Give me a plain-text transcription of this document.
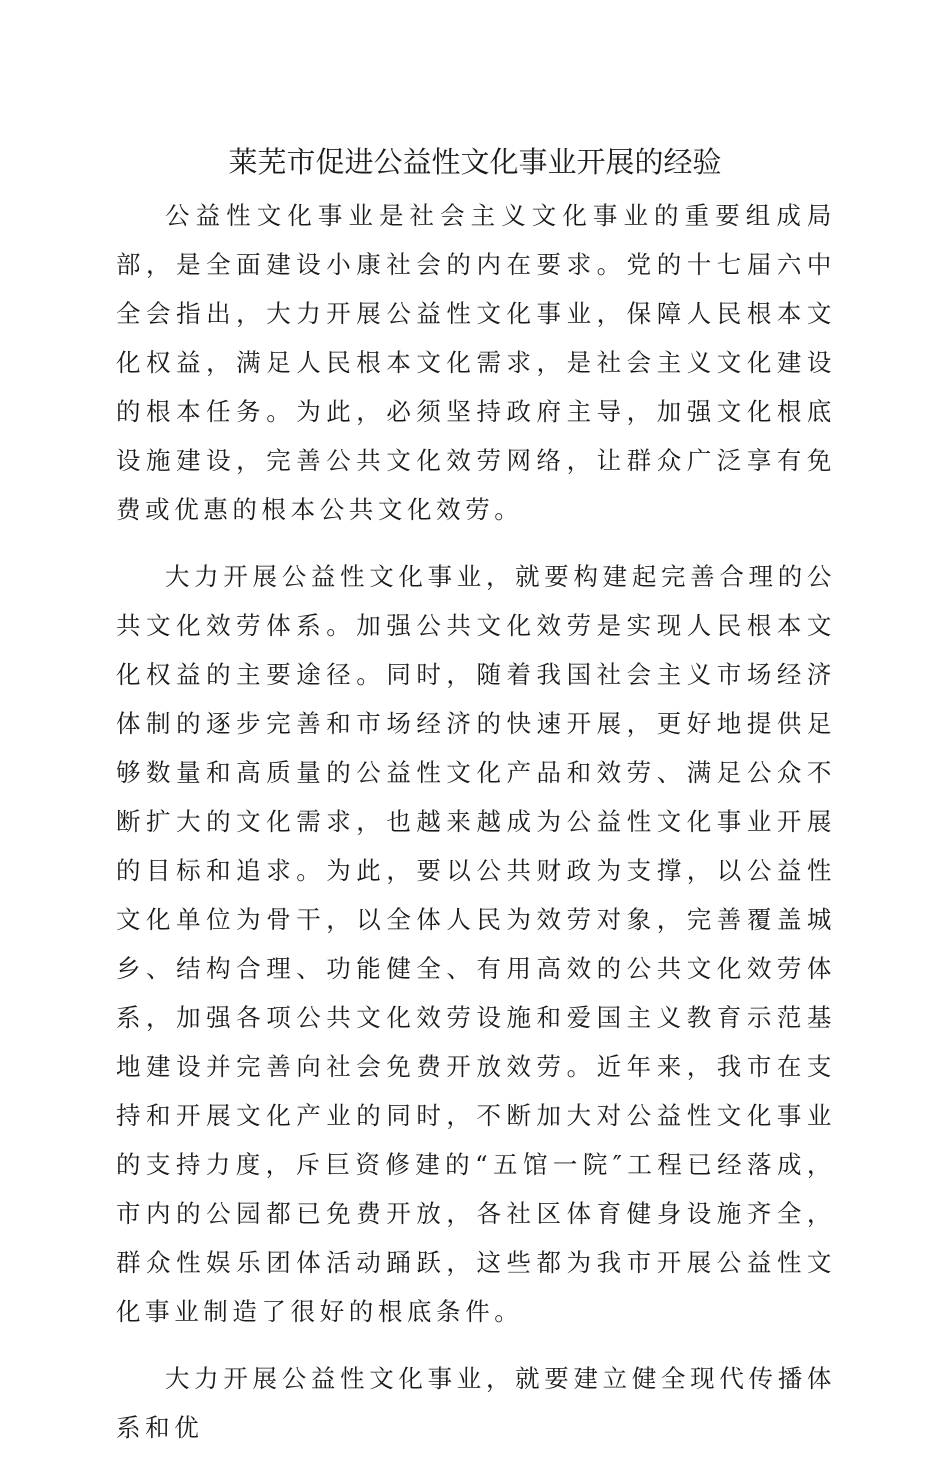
莱芜市促进公益性文化事业开展的经验

公益性文化事业是社会主义文化事业的重要组成局部，是全面建设小康社会的内在要求。党的十七届六中全会指出，大力开展公益性文化事业，保障人民根本文化权益，满足人民根本文化需求，是社会主义文化建设的根本任务。为此，必须坚持政府主导，加强文化根底设施建设，完善公共文化效劳网络，让群众广泛享有免费或优惠的根本公共文化效劳。

大力开展公益性文化事业，就要构建起完善合理的公共文化效劳体系。加强公共文化效劳是实现人民根本文化权益的主要途径。同时，随着我国社会主义市场经济体制的逐步完善和市场经济的快速开展，更好地提供足够数量和高质量的公益性文化产品和效劳、满足公众不断扩大的文化需求，也越来越成为公益性文化事业开展的目标和追求。为此，要以公共财政为支撑，以公益性文化单位为骨干，以全体人民为效劳对象，完善覆盖城乡、结构合理、功能健全、有用高效的公共文化效劳体系，加强各项公共文化效劳设施和爱国主义教育示范基地建设并完善向社会免费开放效劳。近年来，我市在支持和开展文化产业的同时，不断加大对公益性文化事业的支持力度，斥巨资修建的“五馆一院″工程已经落成，市内的公园都已免费开放，各社区体育健身设施齐全，群众性娱乐团体活动踊跃，这些都为我市开展公益性文化事业制造了很好的根底条件。

大力开展公益性文化事业，就要建立健全现代传播体系和优
